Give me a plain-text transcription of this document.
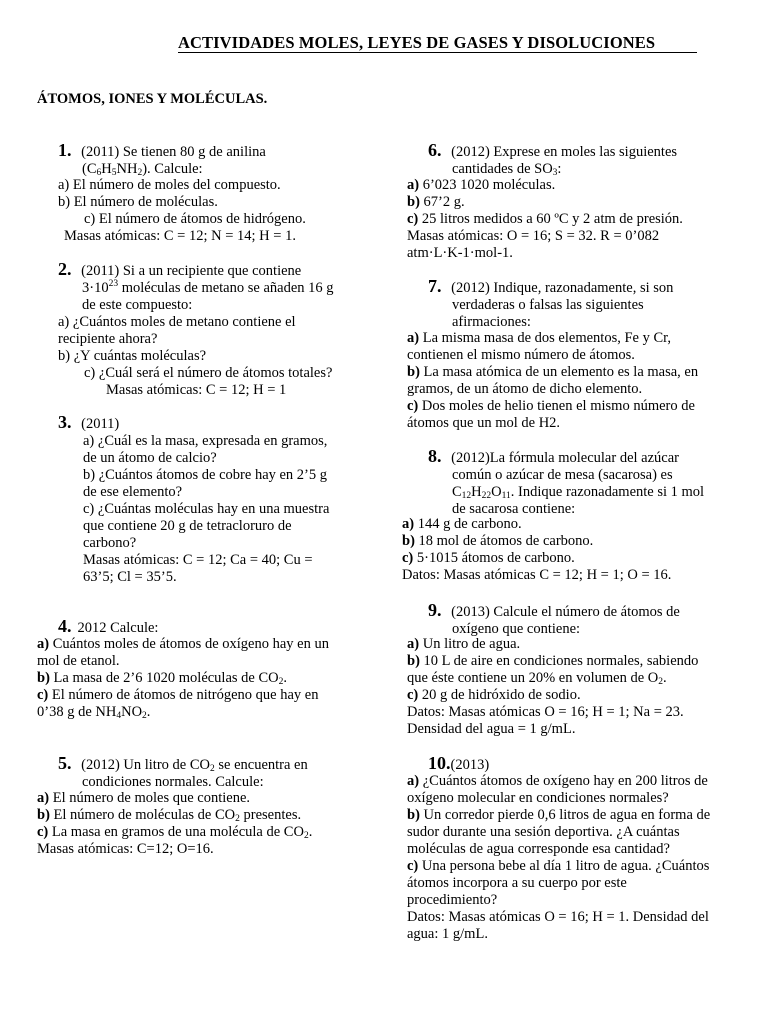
ACTIVIDADES MOLES, LEYES DE GASES Y DISOLUCIONES
ÁTOMOS, IONES Y MOLÉCULAS.
1. (2011) Se tienen 80 g de anilina
$(C_6H_5NH_2)$. Calcule:
a) El número de moles del compuesto.
b) El número de moléculas.
c) El número de átomos de hidrógeno.
Masas atómicas: C = 12; N = 14; H = 1.
2. (2011) Si a un recipiente que contiene
$3\cdot 10^{23}$ moléculas de metano se añaden 16 g
de este compuesto:
a) ¿Cuántos moles de metano contiene el
recipiente ahora?
b) ¿Y cuántas moléculas?
c) ¿Cuál será el número de átomos totales?
Masas atómicas: C = 12; H = 1
3. (2011)
a) ¿Cuál es la masa, expresada en gramos,
de un átomo de calcio?
b) ¿Cuántos átomos de cobre hay en 2’5 g
de ese elemento?
c) ¿Cuántas moléculas hay en una muestra
que contiene 20 g de tetracloruro de
carbono?
Masas atómicas: C = 12; Ca = 40; Cu =
63’5; Cl = 35’5.
4. 2012 Calcule:
a) Cuántos moles de átomos de oxígeno hay en un
mol de etanol.
b) La masa de 2’6 1020 moléculas de $CO_2$.
c) El número de átomos de nitrógeno que hay en
0’38 g de $NH_4NO_2$.
5. (2012) Un litro de $CO_2$ se encuentra en
condiciones normales. Calcule:
a) El número de moles que contiene.
b) El número de moléculas de $CO_2$ presentes.
c) La masa en gramos de una molécula de $CO_2$.
Masas atómicas: C=12; O=16.
6. (2012) Exprese en moles las siguientes
cantidades de $SO_3$:
a) 6’023 1020 moléculas.
b) 67’2 g.
c) 25 litros medidos a 60 ºC y 2 atm de presión.
Masas atómicas: O = 16; S = 32. R = 0’082
atm·L·K-1·mol-1.
7. (2012) Indique, razonadamente, si son
verdaderas o falsas las siguientes
afirmaciones:
a) La misma masa de dos elementos, Fe y Cr,
contienen el mismo número de átomos.
b) La masa atómica de un elemento es la masa, en
gramos, de un átomo de dicho elemento.
c) Dos moles de helio tienen el mismo número de
átomos que un mol de H2.
8. (2012)La fórmula molecular del azúcar
común o azúcar de mesa (sacarosa) es
$C_{12}H_{22}O_{11}$. Indique razonadamente si 1 mol
de sacarosa contiene:
a) 144 g de carbono.
b) 18 mol de átomos de carbono.
c) 5·1015 átomos de carbono.
Datos: Masas atómicas C = 12; H = 1; O = 16.
9. (2013) Calcule el número de átomos de
oxígeno que contiene:
a) Un litro de agua.
b) 10 L de aire en condiciones normales, sabiendo
que éste contiene un 20% en volumen de $O_2$.
c) 20 g de hidróxido de sodio.
Datos: Masas atómicas O = 16; H = 1; Na = 23.
Densidad del agua = 1 g/mL.
10.(2013)
a) ¿Cuántos átomos de oxígeno hay en 200 litros de
oxígeno molecular en condiciones normales?
b) Un corredor pierde 0,6 litros de agua en forma de
sudor durante una sesión deportiva. ¿A cuántas
moléculas de agua corresponde esa cantidad?
c) Una persona bebe al día 1 litro de agua. ¿Cuántos
átomos incorpora a su cuerpo por este
procedimiento?
Datos: Masas atómicas O = 16; H = 1. Densidad del
agua: 1 g/mL.
